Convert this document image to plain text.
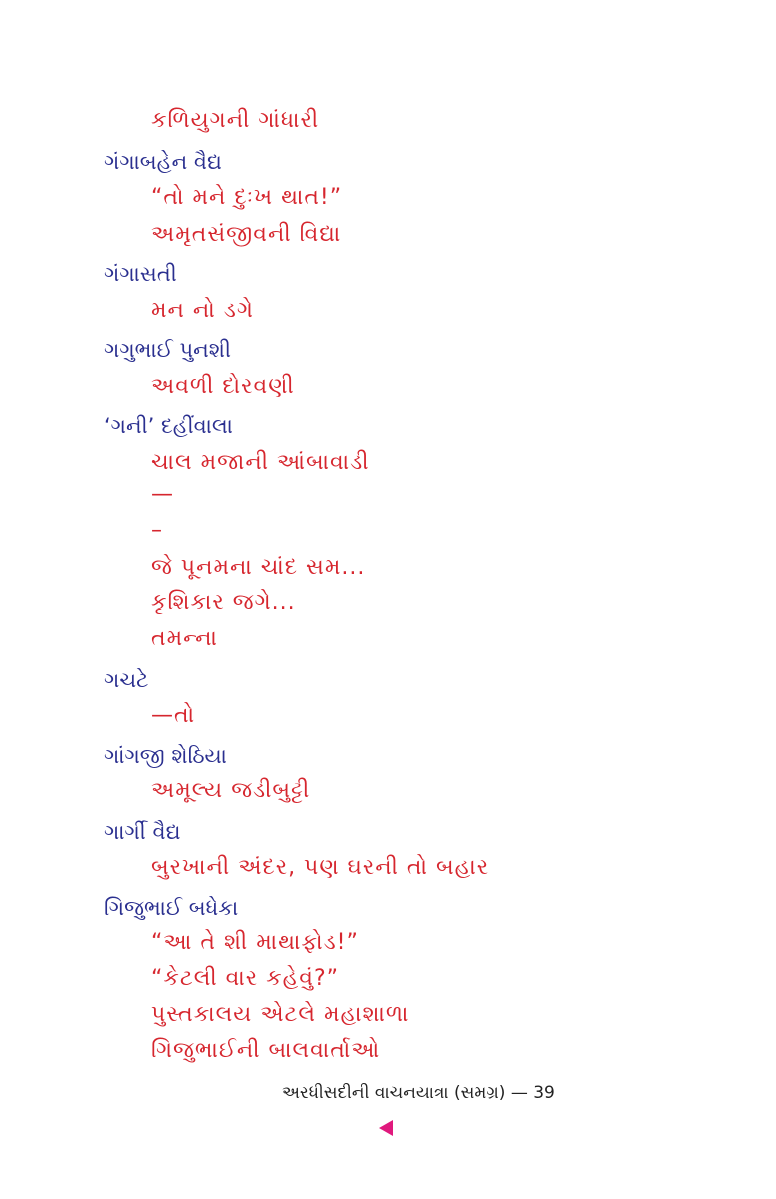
કળિયુગની ગાંધારી
ગંગાબહેન વૈદ્ય
“તો મને દુઃખ થાત!”
અમૃતસંજીવની વિદ્યા
ગંગાસતી
મન નો ડગે
ગગુભાઈ પુનશી
અવળી દોરવણી
‘ગની’ દહીંવાલા
ચાલ મજાની આંબાવાડી
—
–
જે પૂનમના ચાંદ સમ...
કૃશિકાર જગે...
તમન્ના
ગચટે
—તો
ગાંગજી શેઠિયા
અમૂલ્ય જડીબુટ્ટી
ગાર્ગી વૈદ્ય
બુરખાની અંદર, પણ ઘરની તો બહાર
ગિજુભાઈ બધેકા
“આ તે શી માથાફોડ!”
“કેટલી વાર કહેવું?”
પુસ્તકાલય એટલે મહાશાળા
ગિજુભાઈની બાલવાર્તાઓ
અરધીસદીની વાચનયાત્રા (સમગ્ર) — 39
